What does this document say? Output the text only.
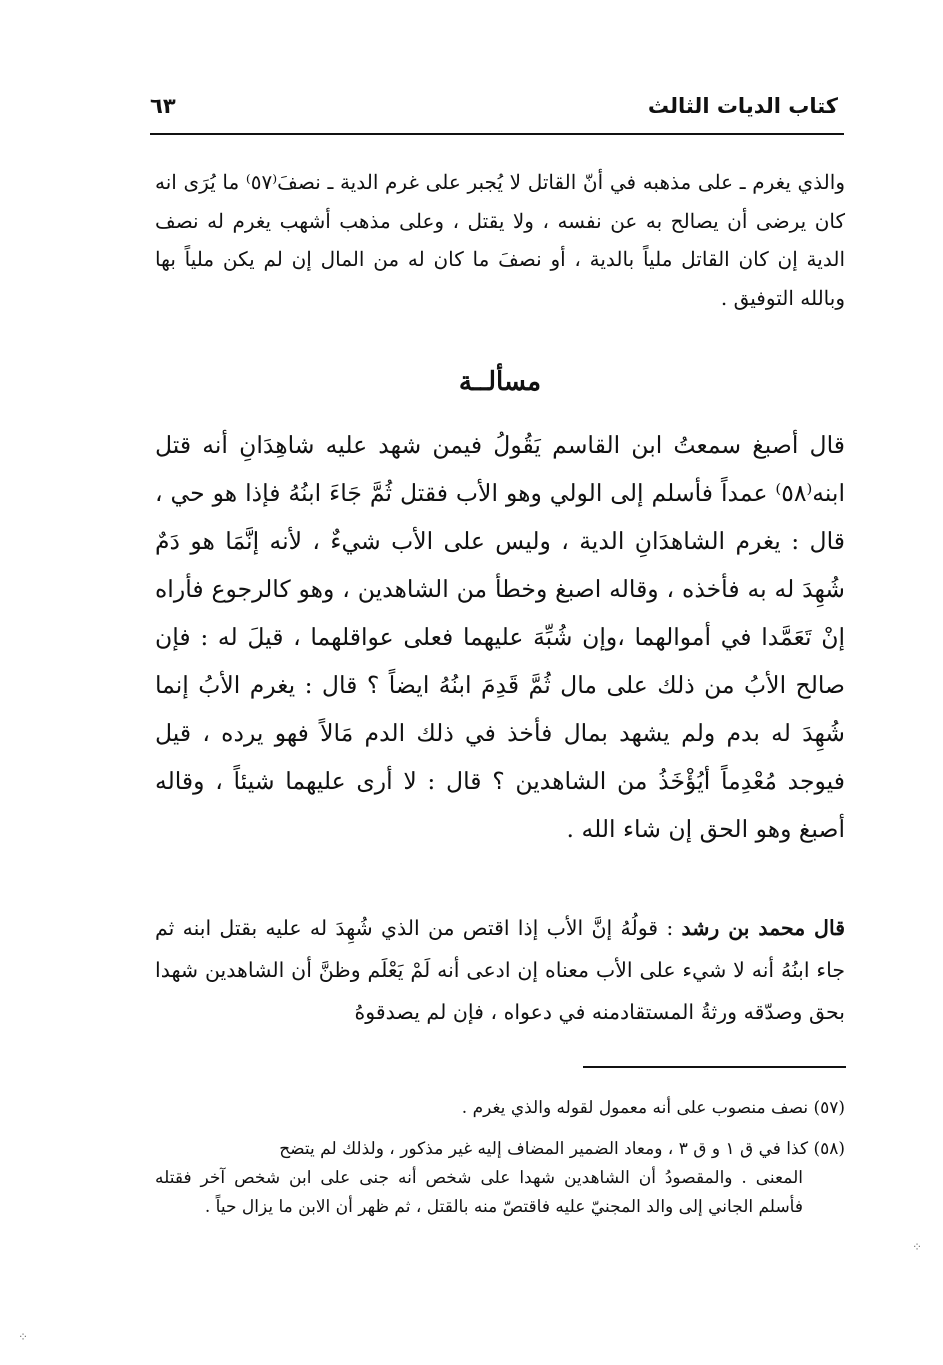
كتاب الديات الثالث
٦٣
والذي يغرم ـ على مذهبه في أنّ القاتل لا يُجبر على غرم الدية ـ نصفَ⁽٥٧⁾ ما يُرَى انه كان يرضى أن يصالح به عن نفسه ، ولا يقتل ، وعلى مذهب أشهب يغرم له نصف الدية إن كان القاتل ملياً بالدية ، أو نصفَ ما كان له من المال إن لم يكن ملياً بها وبالله التوفيق .
مسألــة
قال أصبغ سمعتُ ابن القاسم يَقُولُ فيمن شهد عليه شاهِدَانِ أنه قتل ابنه⁽٥٨⁾ عمداً فأسلم إلى الولي وهو الأب فقتل ثُمَّ جَاءَ ابنُهُ فإذا هو حي ، قال : يغرم الشاهدَانِ الدية ، وليس على الأب شيءٌ ، لأنه إنَّمَا هو دَمٌ شُهِدَ له به فأخذه ، وقاله اصبغ وخطأ من الشاهدين ، وهو كالرجوع فأراه إنْ تَعَمَّدا في أموالهما ،وإن شُبِّهَ عليهما فعلى عواقلهما ، قيلَ له : فإن صالح الأبُ من ذلك على مال ثُمَّ قَدِمَ ابنُهُ ايضاً ؟ قال : يغرم الأبُ إنما شُهِدَ له بدم ولم يشهد بمال فأخذ في ذلك الدم مَالاً فهو يرده ، قيل فيوجد مُعْدِماً أيُؤْخَذُ من الشاهدين ؟ قال : لا أرى عليهما شيئاً ، وقاله أصبغ وهو الحق إن شاء الله .
قال محمد بن رشد : قولُهُ إنَّ الأب إذا اقتص من الذي شُهِدَ له عليه بقتل ابنه ثم جاء ابنُهُ أنه لا شيء على الأب معناه إن ادعى أنه لَمْ يَعْلَم وظنَّ أن الشاهدين شهدا بحق وصدّقه ورثةُ المستقادمنه في دعواه ، فإن لم يصدقوهُ
(٥٧) نصف منصوب على أنه معمول لقوله والذي يغرم .
(٥٨) كذا في ق ١ و ق ٣ ، ومعاد الضمير المضاف إليه غير مذكور ، ولذلك لم يتضح
المعنى . والمقصودُ أن الشاهدين شهدا على شخص أنه جنى على ابن شخص آخر فقتله فأسلم الجاني إلى والد المجنيّ عليه فاقتصّ منه بالقتل ، ثم ظهر أن الابن ما يزال حياً .
⁘
⁘
